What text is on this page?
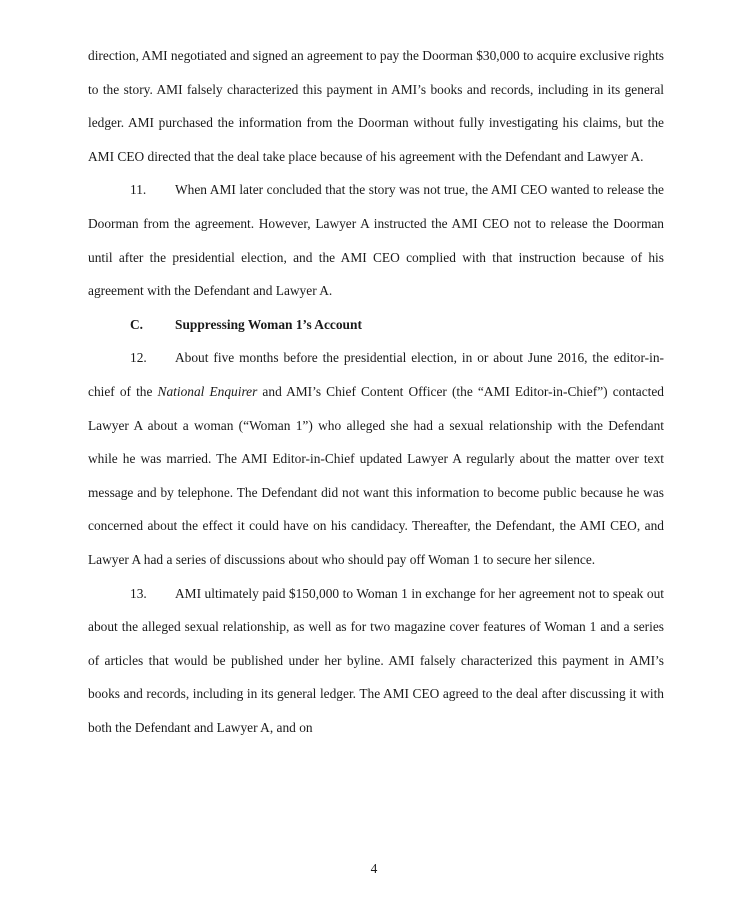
direction, AMI negotiated and signed an agreement to pay the Doorman $30,000 to acquire exclusive rights to the story. AMI falsely characterized this payment in AMI’s books and records, including in its general ledger. AMI purchased the information from the Doorman without fully investigating his claims, but the AMI CEO directed that the deal take place because of his agreement with the Defendant and Lawyer A.

11. When AMI later concluded that the story was not true, the AMI CEO wanted to release the Doorman from the agreement. However, Lawyer A instructed the AMI CEO not to release the Doorman until after the presidential election, and the AMI CEO complied with that instruction because of his agreement with the Defendant and Lawyer A.

C. Suppressing Woman 1’s Account

12. About five months before the presidential election, in or about June 2016, the editor-in-chief of the National Enquirer and AMI’s Chief Content Officer (the “AMI Editor-in-Chief”) contacted Lawyer A about a woman (“Woman 1”) who alleged she had a sexual relationship with the Defendant while he was married. The AMI Editor-in-Chief updated Lawyer A regularly about the matter over text message and by telephone. The Defendant did not want this information to become public because he was concerned about the effect it could have on his candidacy. Thereafter, the Defendant, the AMI CEO, and Lawyer A had a series of discussions about who should pay off Woman 1 to secure her silence.

13. AMI ultimately paid $150,000 to Woman 1 in exchange for her agreement not to speak out about the alleged sexual relationship, as well as for two magazine cover features of Woman 1 and a series of articles that would be published under her byline. AMI falsely characterized this payment in AMI’s books and records, including in its general ledger. The AMI CEO agreed to the deal after discussing it with both the Defendant and Lawyer A, and on

4
